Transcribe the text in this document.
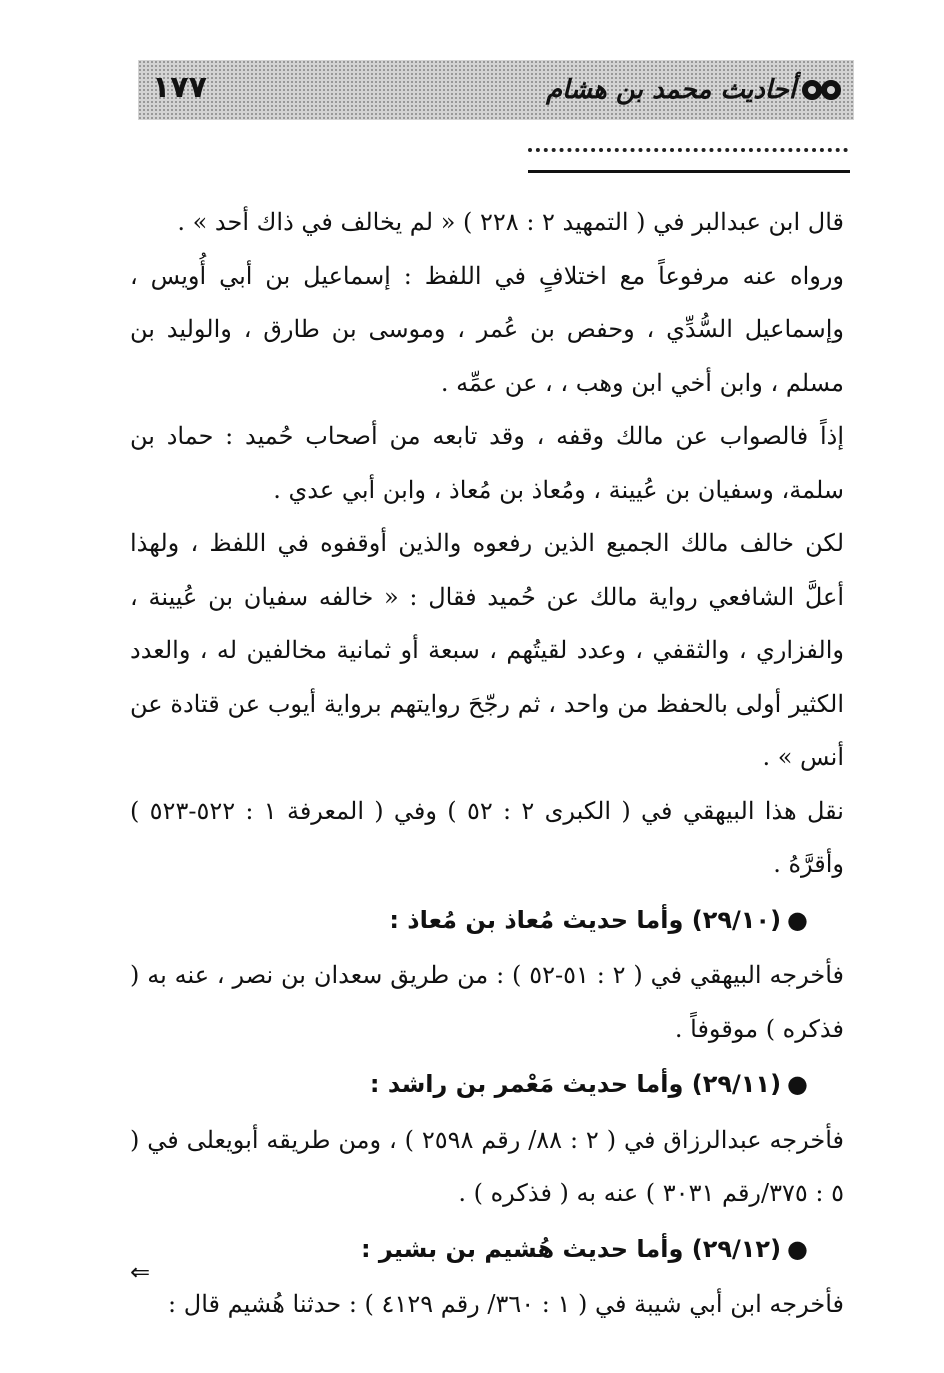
١٧٧	أحاديث محمد بن هشام

قال ابن عبدالبر في ( التمهيد ٢ : ٢٢٨ ) « لم يخالف في ذاك أحد » .

ورواه عنه مرفوعاً مع اختلافٍ في اللفظ : إسماعيل بن أبي أُويس ، وإسماعيل السُّدِّي ، وحفص بن عُمر ، وموسى بن طارق ، والوليد بن مسلم ، وابن أخي ابن وهب ، ، عن عمِّه .

إذاً فالصواب عن مالك وقفه ، وقد تابعه من أصحاب حُميد : حماد بن سلمة، وسفيان بن عُيينة ، ومُعاذ بن مُعاذ ، وابن أبي عدي .

لكن خالف مالك الجميع الذين رفعوه والذين أوقفوه في اللفظ ، ولهذا أعلَّ الشافعي رواية مالك عن حُميد فقال : « خالفه سفيان بن عُيينة ، والفزاري ، والثقفي ، وعدد لقيتُهم ، سبعة أو ثمانية مخالفين له ، والعدد الكثير أولى بالحفظ من واحد ، ثم رجّحَ روايتهم برواية أيوب عن قتادة عن أنس » .

نقل هذا البيهقي في ( الكبرى ٢ : ٥٢ ) وفي ( المعرفة ١ : ٥٢٢-٥٢٣ ) وأقرَّهُ .

●(٢٩/١٠) وأما حديث مُعاذ بن مُعاذ :

فأخرجه البيهقي في ( ٢ : ٥١-٥٢ ) : من طريق سعدان بن نصر ، عنه به ( فذكره ) موقوفاً .

●(٢٩/١١) وأما حديث مَعْمر بن راشد :

فأخرجه عبدالرزاق في ( ٢ : ٨٨/ رقم ٢٥٩٨ ) ، ومن طريقه أبويعلى في ( ٥ : ٣٧٥/رقم ٣٠٣١ ) عنه به ( فذكره ) .

●(٢٩/١٢) وأما حديث هُشيم بن بشير :

فأخرجه ابن أبي شيبة في ( ١ : ٣٦٠/ رقم ٤١٢٩ ) : حدثنا هُشيم قال :

⇐
